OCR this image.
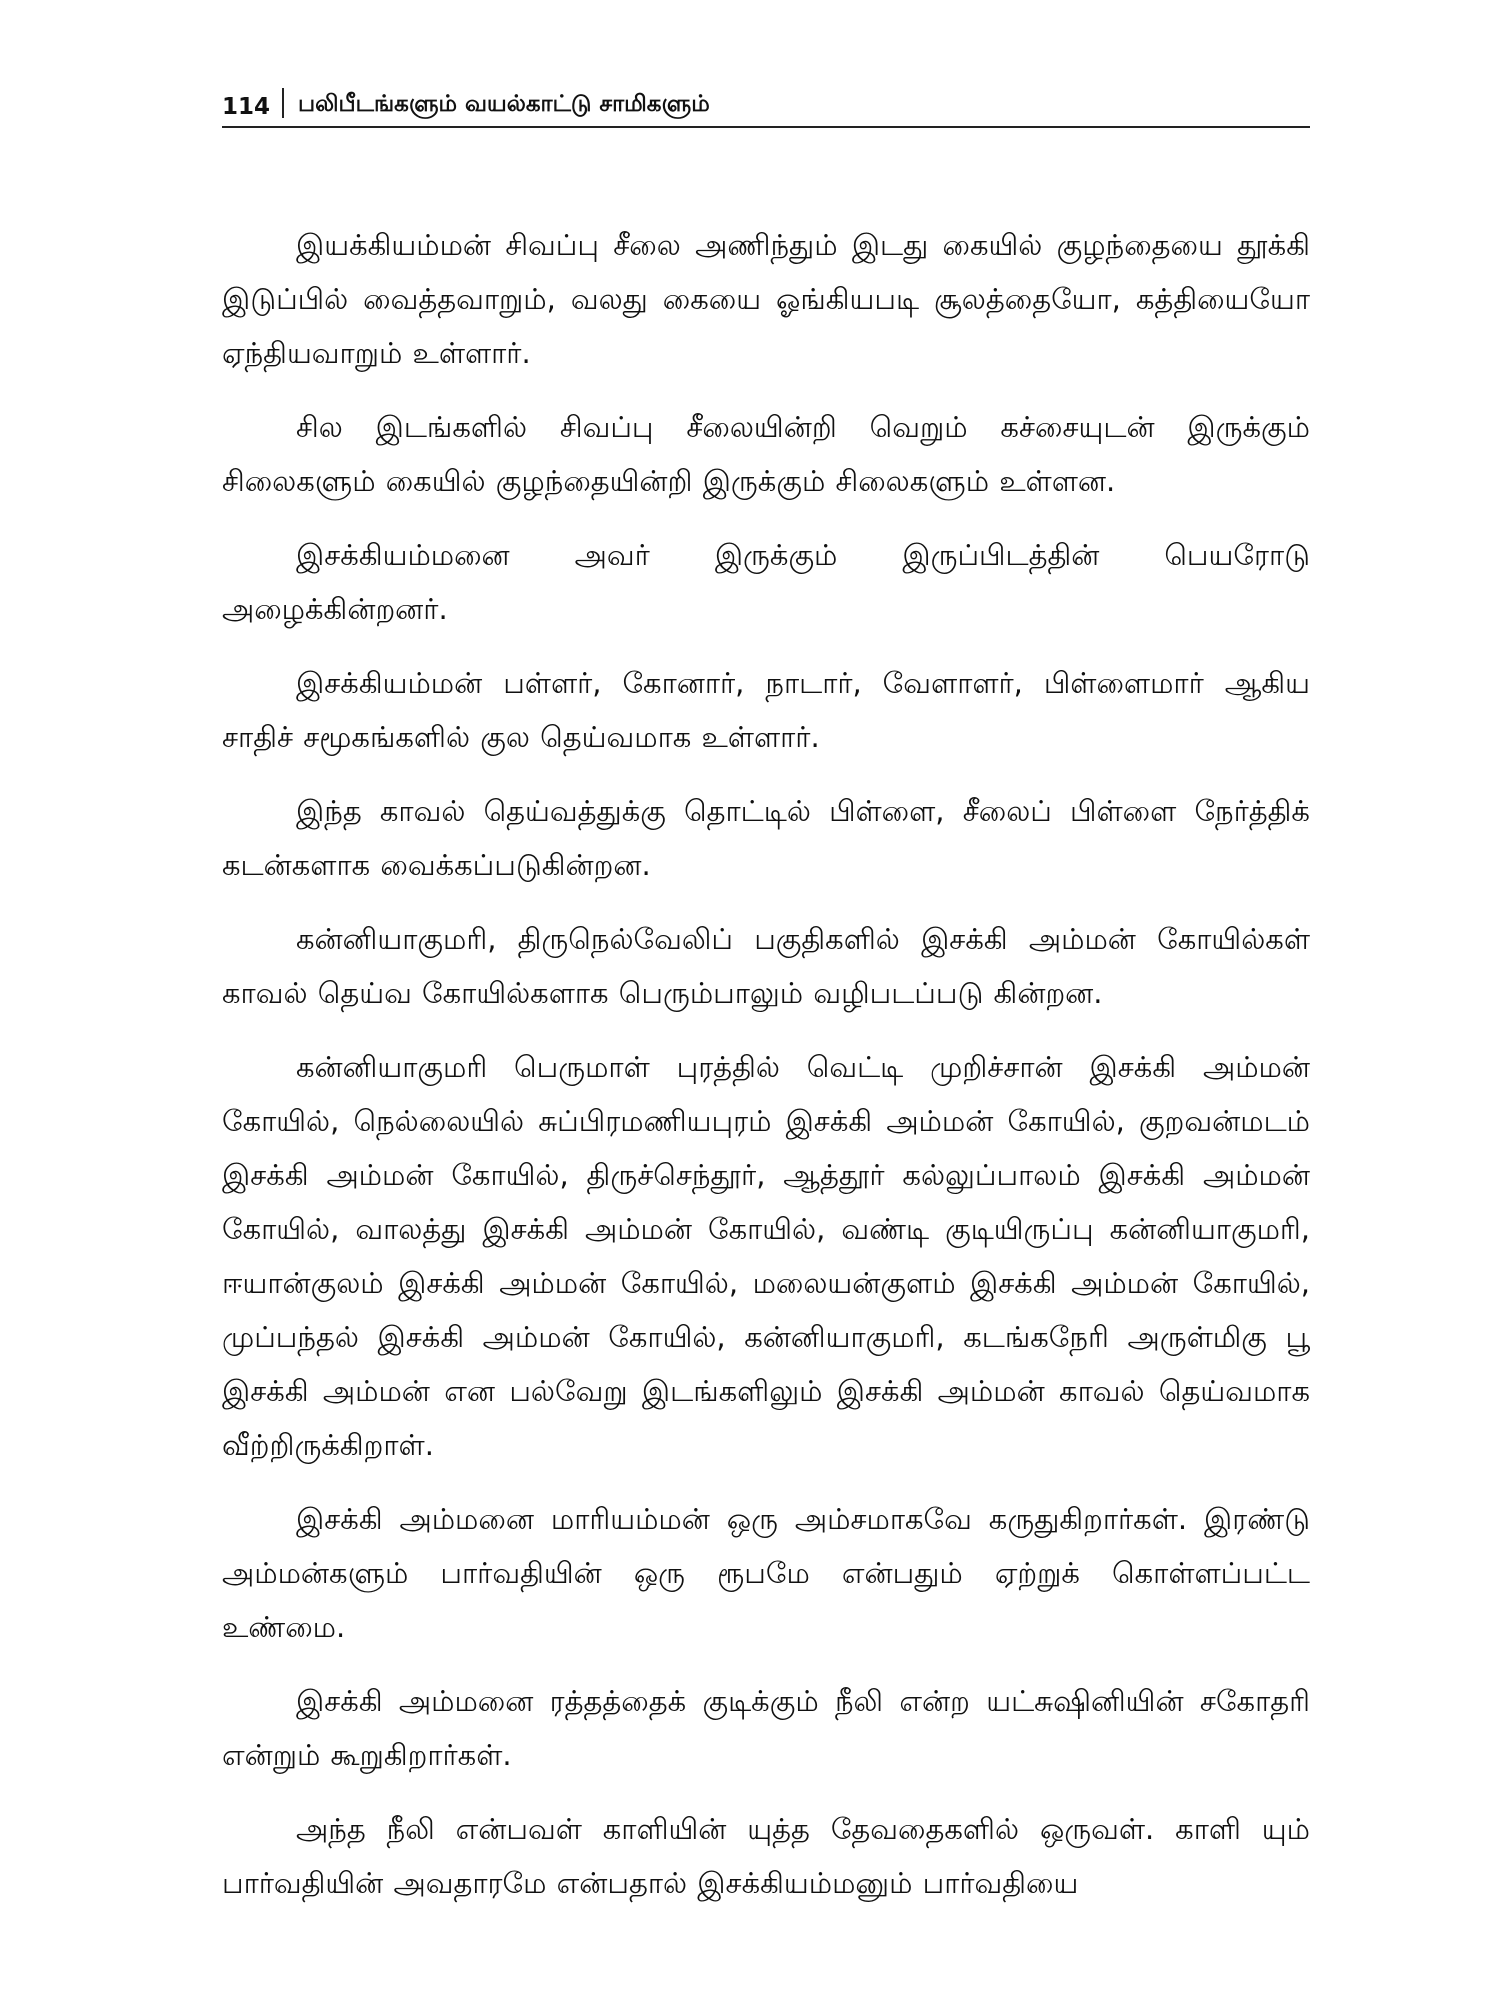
114 பலிபீடங்களும் வயல்காட்டு சாமிகளும்

இயக்கியம்மன் சிவப்பு சீலை அணிந்தும் இடது கையில் குழந்தையை தூக்கி இடுப்பில் வைத்தவாறும், வலது கையை ஓங்கியபடி சூலத்தையோ, கத்தியையோ ஏந்தியவாறும் உள்ளார்.

சில இடங்களில் சிவப்பு சீலையின்றி வெறும் கச்சையுடன் இருக்கும் சிலைகளும் கையில் குழந்தையின்றி இருக்கும் சிலைகளும் உள்ளன.

இசக்கியம்மனை அவர் இருக்கும் இருப்பிடத்தின் பெயரோடு அழைக்கின்றனர்.

இசக்கியம்மன் பள்ளர், கோனார், நாடார், வேளாளர், பிள்ளைமார் ஆகிய சாதிச் சமூகங்களில் குல தெய்வமாக உள்ளார்.

இந்த காவல் தெய்வத்துக்கு தொட்டில் பிள்ளை, சீலைப் பிள்ளை நேர்த்திக் கடன்களாக வைக்கப்படுகின்றன.

கன்னியாகுமரி, திருநெல்வேலிப் பகுதிகளில் இசக்கி அம்மன் கோயில்கள் காவல் தெய்வ கோயில்களாக பெரும்பாலும் வழிபடப்படு கின்றன.

கன்னியாகுமரி பெருமாள் புரத்தில் வெட்டி முறிச்சான் இசக்கி அம்மன் கோயில், நெல்லையில் சுப்பிரமணியபுரம் இசக்கி அம்மன் கோயில், குறவன்மடம் இசக்கி அம்மன் கோயில், திருச்செந்தூர், ஆத்தூர் கல்லுப்பாலம் இசக்கி அம்மன் கோயில், வாலத்து இசக்கி அம்மன் கோயில், வண்டி குடியிருப்பு கன்னியாகுமரி, ஈயான்குலம் இசக்கி அம்மன் கோயில், மலையன்குளம் இசக்கி அம்மன் கோயில், முப்பந்தல் இசக்கி அம்மன் கோயில், கன்னியாகுமரி, கடங்கநேரி அருள்மிகு பூ இசக்கி அம்மன் என பல்வேறு இடங்களிலும் இசக்கி அம்மன் காவல் தெய்வமாக வீற்றிருக்கிறாள்.

இசக்கி அம்மனை மாரியம்மன் ஒரு அம்சமாகவே கருதுகிறார்கள். இரண்டு அம்மன்களும் பார்வதியின் ஒரு ரூபமே என்பதும் ஏற்றுக் கொள்ளப்பட்ட உண்மை.

இசக்கி அம்மனை ரத்தத்தைக் குடிக்கும் நீலி என்ற யட்சுஷினியின் சகோதரி என்றும் கூறுகிறார்கள்.

அந்த நீலி என்பவள் காளியின் யுத்த தேவதைகளில் ஒருவள். காளி யும் பார்வதியின் அவதாரமே என்பதால் இசக்கியம்மனும் பார்வதியை
